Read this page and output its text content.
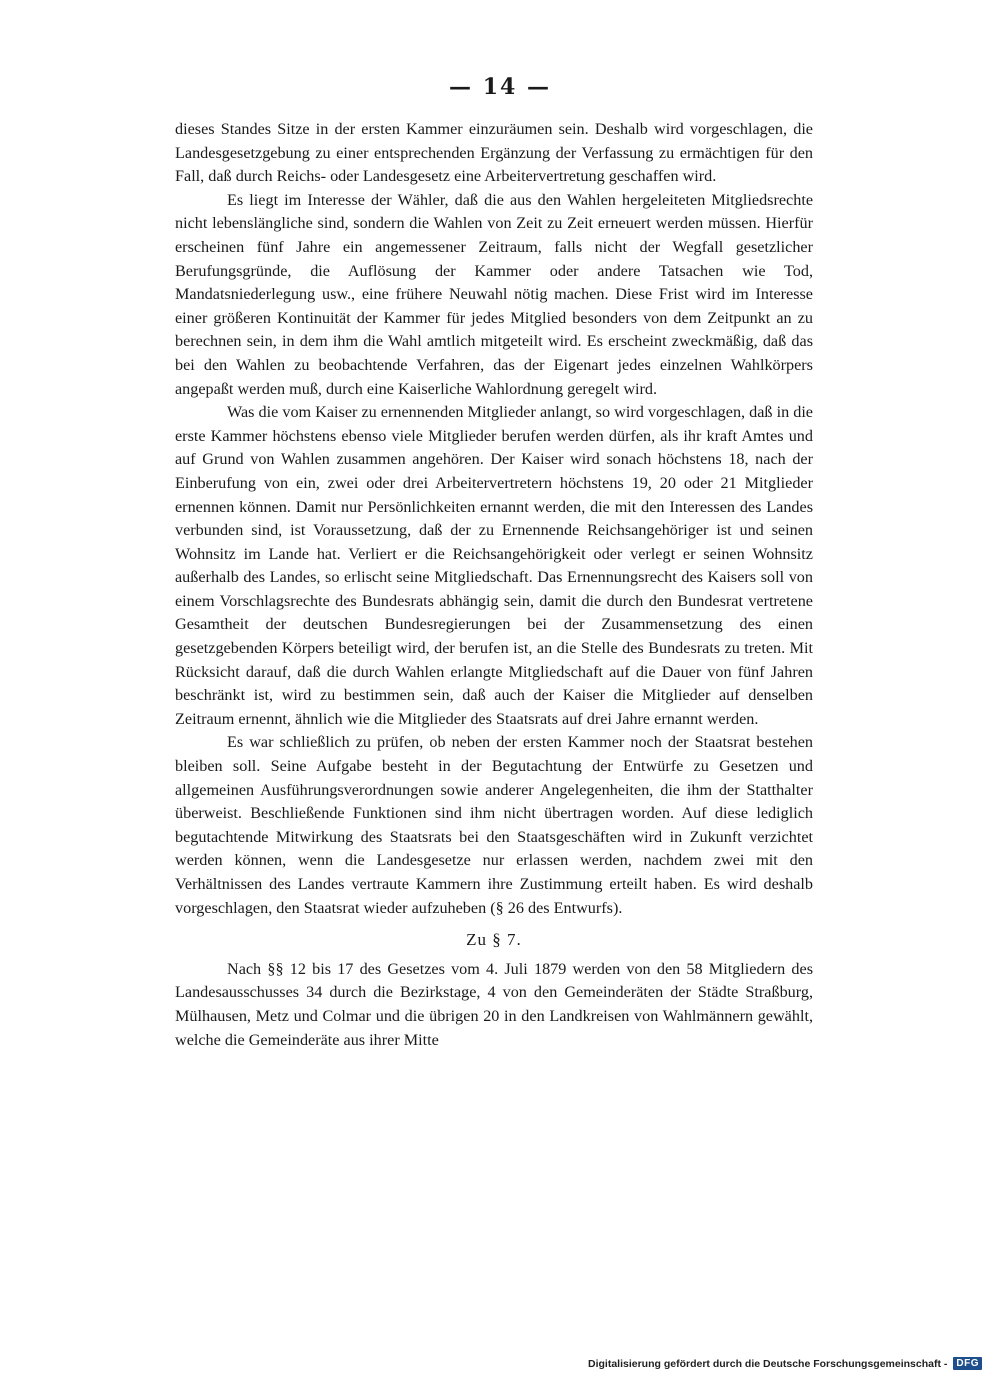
— 14 —

dieses Standes Sitze in der ersten Kammer einzuräumen sein. Deshalb wird vorgeschlagen, die Landesgesetzgebung zu einer entsprechenden Ergänzung der Verfassung zu ermächtigen für den Fall, daß durch Reichs- oder Landesgesetz eine Arbeitervertretung geschaffen wird.

Es liegt im Interesse der Wähler, daß die aus den Wahlen hergeleiteten Mitgliedsrechte nicht lebenslängliche sind, sondern die Wahlen von Zeit zu Zeit erneuert werden müssen. Hierfür erscheinen fünf Jahre ein angemessener Zeitraum, falls nicht der Wegfall gesetzlicher Berufungsgründe, die Auflösung der Kammer oder andere Tatsachen wie Tod, Mandatsniederlegung usw., eine frühere Neuwahl nötig machen. Diese Frist wird im Interesse einer größeren Kontinuität der Kammer für jedes Mitglied besonders von dem Zeitpunkt an zu berechnen sein, in dem ihm die Wahl amtlich mitgeteilt wird. Es erscheint zweckmäßig, daß das bei den Wahlen zu beobachtende Verfahren, das der Eigenart jedes einzelnen Wahlkörpers angepaßt werden muß, durch eine Kaiserliche Wahlordnung geregelt wird.

Was die vom Kaiser zu ernennenden Mitglieder anlangt, so wird vorgeschlagen, daß in die erste Kammer höchstens ebenso viele Mitglieder berufen werden dürfen, als ihr kraft Amtes und auf Grund von Wahlen zusammen angehören. Der Kaiser wird sonach höchstens 18, nach der Einberufung von ein, zwei oder drei Arbeitervertretern höchstens 19, 20 oder 21 Mitglieder ernennen können. Damit nur Persönlichkeiten ernannt werden, die mit den Interessen des Landes verbunden sind, ist Voraussetzung, daß der zu Ernennende Reichsangehöriger ist und seinen Wohnsitz im Lande hat. Verliert er die Reichsangehörigkeit oder verlegt er seinen Wohnsitz außerhalb des Landes, so erlischt seine Mitgliedschaft. Das Ernennungsrecht des Kaisers soll von einem Vorschlagsrechte des Bundesrats abhängig sein, damit die durch den Bundesrat vertretene Gesamtheit der deutschen Bundesregierungen bei der Zusammensetzung des einen gesetzgebenden Körpers beteiligt wird, der berufen ist, an die Stelle des Bundesrats zu treten. Mit Rücksicht darauf, daß die durch Wahlen erlangte Mitgliedschaft auf die Dauer von fünf Jahren beschränkt ist, wird zu bestimmen sein, daß auch der Kaiser die Mitglieder auf denselben Zeitraum ernennt, ähnlich wie die Mitglieder des Staatsrats auf drei Jahre ernannt werden.

Es war schließlich zu prüfen, ob neben der ersten Kammer noch der Staatsrat bestehen bleiben soll. Seine Aufgabe besteht in der Begutachtung der Entwürfe zu Gesetzen und allgemeinen Ausführungsverordnungen sowie anderer Angelegenheiten, die ihm der Statthalter überweist. Beschließende Funktionen sind ihm nicht übertragen worden. Auf diese lediglich begutachtende Mitwirkung des Staatsrats bei den Staatsgeschäften wird in Zukunft verzichtet werden können, wenn die Landesgesetze nur erlassen werden, nachdem zwei mit den Verhältnissen des Landes vertraute Kammern ihre Zustimmung erteilt haben. Es wird deshalb vorgeschlagen, den Staatsrat wieder aufzuheben (§ 26 des Entwurfs).

Zu § 7.

Nach §§ 12 bis 17 des Gesetzes vom 4. Juli 1879 werden von den 58 Mitgliedern des Landesausschusses 34 durch die Bezirkstage, 4 von den Gemeinderäten der Städte Straßburg, Mülhausen, Metz und Colmar und die übrigen 20 in den Landkreisen von Wahlmännern gewählt, welche die Gemeinderäte aus ihrer Mitte

Digitalisierung gefördert durch die Deutsche Forschungsgemeinschaft - DFG
